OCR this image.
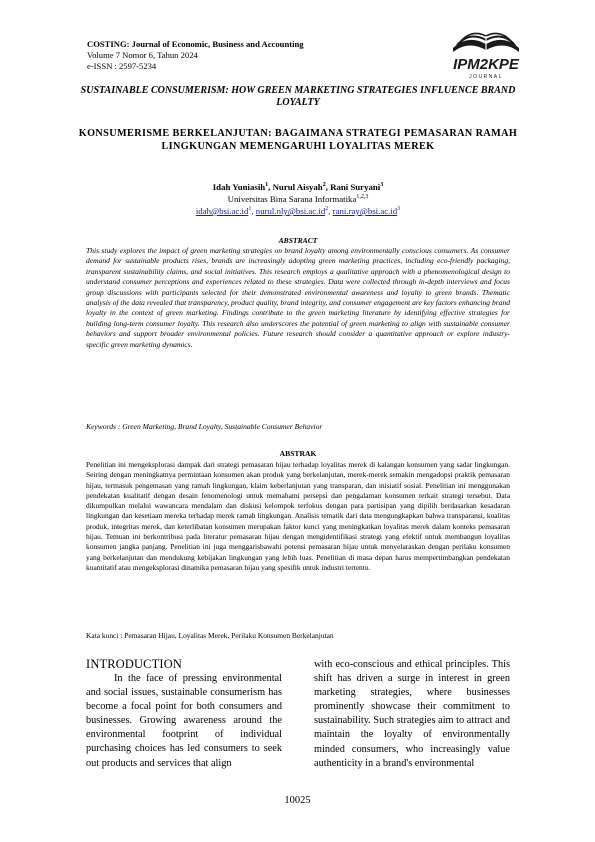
COSTING: Journal of Economic, Business and Accounting
Volume 7 Nomor 6, Tahun 2024
e-ISSN : 2597-5234	IPM2KPE
JOURNAL
SUSTAINABLE CONSUMERISM: HOW GREEN MARKETING STRATEGIES INFLUENCE BRAND LOYALTY
KONSUMERISME BERKELANJUTAN: BAGAIMANA STRATEGI PEMASARAN RAMAH LINGKUNGAN MEMENGARUHI LOYALITAS MEREK
Idah Yuniasih$^1$, Nurul Aisyah$^2$, Rani Suryani$^3$
Universitas Bina Sarana Informatika$^{1,2,3}$
$idah@bsi.ac.id^1$, $nurul.nly@bsi.ac.id^2$, $rani.ray@bsi.ac.id^3$
ABSTRACT
This study explores the impact of green marketing strategies on brand loyalty among environmentally conscious consumers. As consumer demand for sustainable products rises, brands are increasingly adopting green marketing practices, including eco-friendly packaging, transparent sustainability claims, and social initiatives. This research employs a qualitative approach with a phenomenological design to understand consumer perceptions and experiences related to these strategies. Data were collected through in-depth interviews and focus group discussions with participants selected for their demonstrated environmental awareness and loyalty to green brands. Thematic analysis of the data revealed that transparency, product quality, brand integrity, and consumer engagement are key factors enhancing brand loyalty in the context of green marketing. Findings contribute to the green marketing literature by identifying effective strategies for building long-term consumer loyalty. This research also underscores the potential of green marketing to align with sustainable consumer behaviors and support broader environmental policies. Future research should consider a quantitative approach or explore industry-specific green marketing dynamics.
Keywords : Green Marketing, Brand Loyalty, Sustainable Consumer Behavior
ABSTRAK
Penelitian ini mengeksplorasi dampak dari strategi pemasaran hijau terhadap loyalitas merek di kalangan konsumen yang sadar lingkungan. Seiring dengan meningkatnya permintaan konsumen akan produk yang berkelanjutan, merek-merek semakin mengadopsi praktik pemasaran hijau, termasuk pengemasan yang ramah lingkungan, klaim keberlanjutan yang transparan, dan inisiatif sosial. Penelitian ini menggunakan pendekatan kualitatif dengan desain fenomenologi untuk memahami persepsi dan pengalaman konsumen terkait strategi tersebut. Data dikumpulkan melalui wawancara mendalam dan diskusi kelompok terfokus dengan para partisipan yang dipilih berdasarkan kesadaran lingkungan dan kesetiaan mereka terhadap merek ramah lingkungan. Analisis tematik dari data mengungkapkan bahwa transparansi, kualitas produk, integritas merek, dan keterlibatan konsumen merupakan faktor kunci yang meningkatkan loyalitas merek dalam konteks pemasaran hijau. Temuan ini berkontribusi pada literatur pemasaran hijau dengan mengidentifikasi strategi yang efektif untuk membangun loyalitas konsumen jangka panjang. Penelitian ini juga menggarisbawahi potensi pemasaran hijau untuk menyelaraskan dengan perilaku konsumen yang berkelanjutan dan mendukung kebijakan lingkungan yang lebih luas. Penelitian di masa depan harus mempertimbangkan pendekatan kuantitatif atau mengeksplorasi dinamika pemasaran hijau yang spesifik untuk industri tertentu.
Kata kunci : Pemasaran Hijau, Loyalitas Merek, Perilaku Konsumen Berkelanjutan
INTRODUCTION

In the face of pressing environmental and social issues, sustainable consumerism has become a focal point for both consumers and businesses. Growing awareness around the environmental footprint of individual purchasing choices has led consumers to seek out products and services that align

with eco-conscious and ethical principles. This shift has driven a surge in interest in green marketing strategies, where businesses prominently showcase their commitment to sustainability. Such strategies aim to attract and maintain the loyalty of environmentally minded consumers, who increasingly value authenticity in a brand's environmental

10025
